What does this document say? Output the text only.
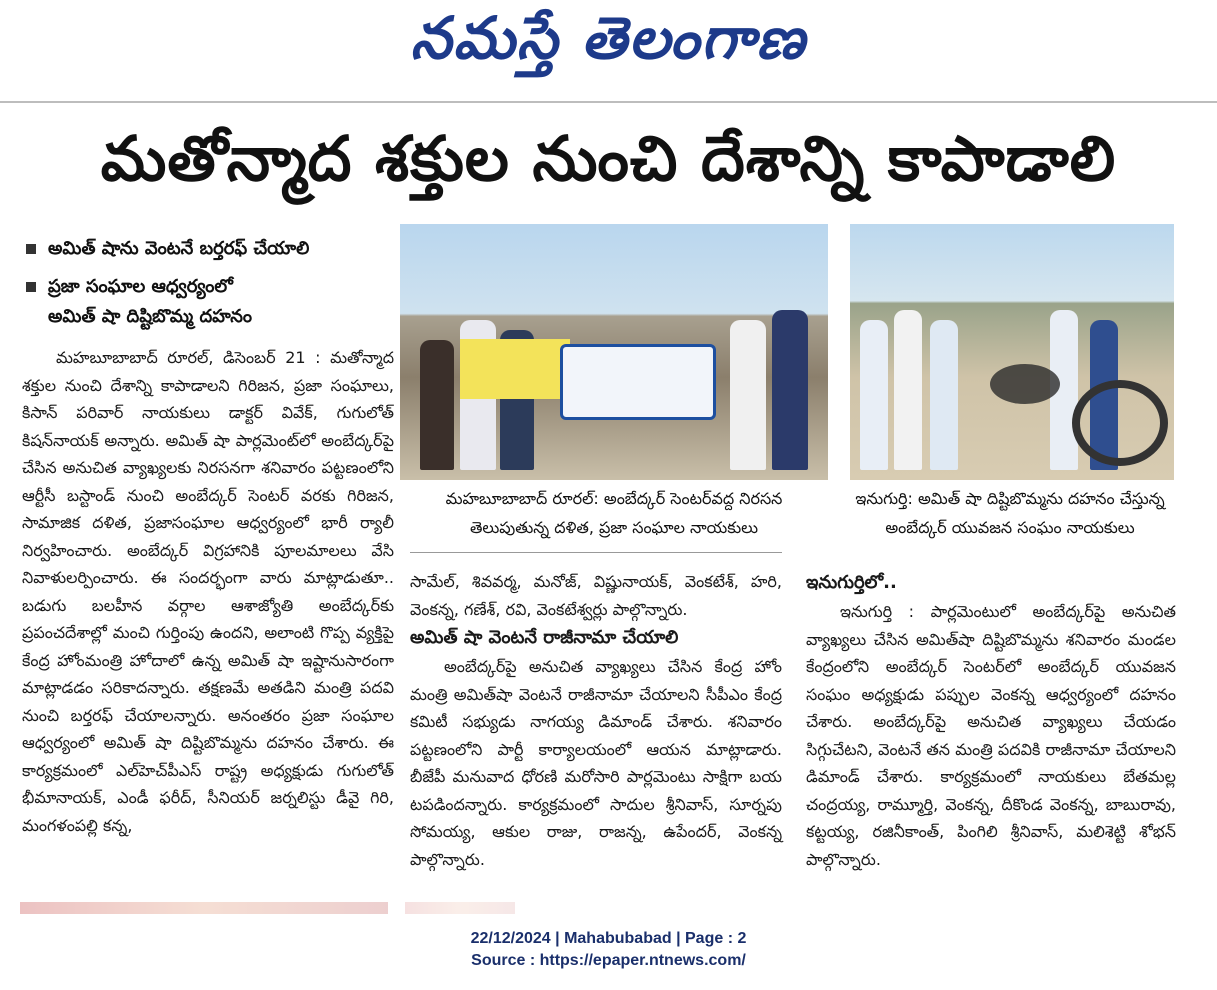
నమస్తే తెలంగాణ
మతోన్మాద శక్తుల నుంచి దేశాన్ని కాపాడాలి
అమిత్ షాను వెంటనే బర్తరఫ్ చేయాలి
ప్రజా సంఘాల ఆధ్వర్యంలో
అమిత్ షా దిష్టిబొమ్మ దహనం

మహబూబాబాద్ రూరల్, డిసెంబర్ 21 : మతోన్మాద శక్తుల నుంచి దేశాన్ని కాపాడాలని గిరిజన, ప్రజా సంఘాలు, కిసాన్ పరివార్ నాయకులు డాక్టర్ వివేక్, గుగులోత్ కిషన్‌నాయక్ అన్నారు. అమిత్ షా పార్లమెంట్‌లో అంబేద్కర్‌పై చేసిన అనుచిత వ్యాఖ్యలకు నిరసనగా శనివారం పట్టణంలోని ఆర్టీసీ బస్టాండ్ నుంచి అంబేద్కర్ సెంటర్ వరకు గిరిజన, సామాజిక దళిత, ప్రజాసంఘాల ఆధ్వర్యంలో భారీ ర్యాలీ నిర్వహించారు. అంబేద్కర్ విగ్రహానికి పూలమాలలు వేసి నివాళులర్పించారు. ఈ సందర్భంగా వారు మాట్లాడుతూ.. బడుగు బలహీన వర్గాల ఆశాజ్యోతి అంబేద్కర్‌కు ప్రపంచదేశాల్లో మంచి గుర్తింపు ఉందని, అలాంటి గొప్ప వ్యక్తిపై కేంద్ర హోంమంత్రి హోదాలో ఉన్న అమిత్ షా ఇష్టానుసారంగా మాట్లాడడం సరికాదన్నారు. తక్షణమే అతడిని మంత్రి పదవి నుంచి బర్తరఫ్ చేయాలన్నారు. అనంతరం ప్రజా సంఘాల ఆధ్వర్యంలో అమిత్ షా దిష్టిబొమ్మను దహనం చేశారు. ఈ కార్యక్రమంలో ఎల్‌హెచ్‌పీఎస్ రాష్ట్ర అధ్యక్షుడు గుగులోత్ భీమానాయక్, ఎండీ ఫరీద్, సీనియర్ జర్నలిస్టు డీవై గిరి, మంగళంపల్లి కన్న,

మహబూబాబాద్ రూరల్: అంబేద్కర్ సెంటర్‌వద్ద నిరసన తెలుపుతున్న దళిత, ప్రజా సంఘాల నాయకులు
ఇనుగుర్తి: అమిత్ షా దిష్టిబొమ్మను దహనం చేస్తున్న అంబేద్కర్ యువజన సంఘం నాయకులు

సామేల్, శివవర్మ, మనోజ్, విష్ణునాయక్, వెంకటేశ్, హరి, వెంకన్న, గణేశ్, రవి, వెంకటేశ్వర్లు పాల్గొన్నారు.

అమిత్ షా వెంటనే రాజీనామా చేయాలి

అంబేద్కర్‌పై అనుచిత వ్యాఖ్యలు చేసిన కేంద్ర హోం మంత్రి అమిత్‌షా వెంటనే రాజీనామా చేయాలని సీపీఎం కేంద్ర కమిటీ సభ్యుడు నాగయ్య డిమాండ్ చేశారు. శనివారం పట్టణంలోని పార్టీ కార్యాలయంలో ఆయన మాట్లాడారు. బీజేపీ మనువాద ధోరణి మరోసారి పార్లమెంటు సాక్షిగా బయ టపడిందన్నారు. కార్యక్రమంలో సాదుల శ్రీనివాస్, సూర్నపు సోమయ్య, ఆకుల రాజు, రాజన్న, ఉపేందర్, వెంకన్న పాల్గొన్నారు.

ఇనుగుర్తిలో..

ఇనుగుర్తి : పార్లమెంటులో అంబేద్కర్‌పై అనుచిత వ్యాఖ్యలు చేసిన అమిత్‌షా దిష్టిబొమ్మను శనివారం మండల కేంద్రంలోని అంబేద్కర్ సెంటర్‌లో అంబేద్కర్ యువజన సంఘం అధ్యక్షుడు పప్పుల వెంకన్న ఆధ్వర్యంలో దహనం చేశారు. అంబేద్కర్‌పై అనుచిత వ్యాఖ్యలు చేయడం సిగ్గుచేటని, వెంటనే తన మంత్రి పదవికి రాజీనామా చేయాలని డిమాండ్ చేశారు. కార్యక్రమంలో నాయకులు బేతమల్ల చంద్రయ్య, రామ్మూర్తి, వెంకన్న, దీకొండ వెంకన్న, బాబురావు, కట్టయ్య, రజినీకాంత్, పింగిలి శ్రీనివాస్, మలిశెట్టి శోభన్ పాల్గొన్నారు.

22/12/2024 | Mahabubabad | Page : 2
Source : https://epaper.ntnews.com/
